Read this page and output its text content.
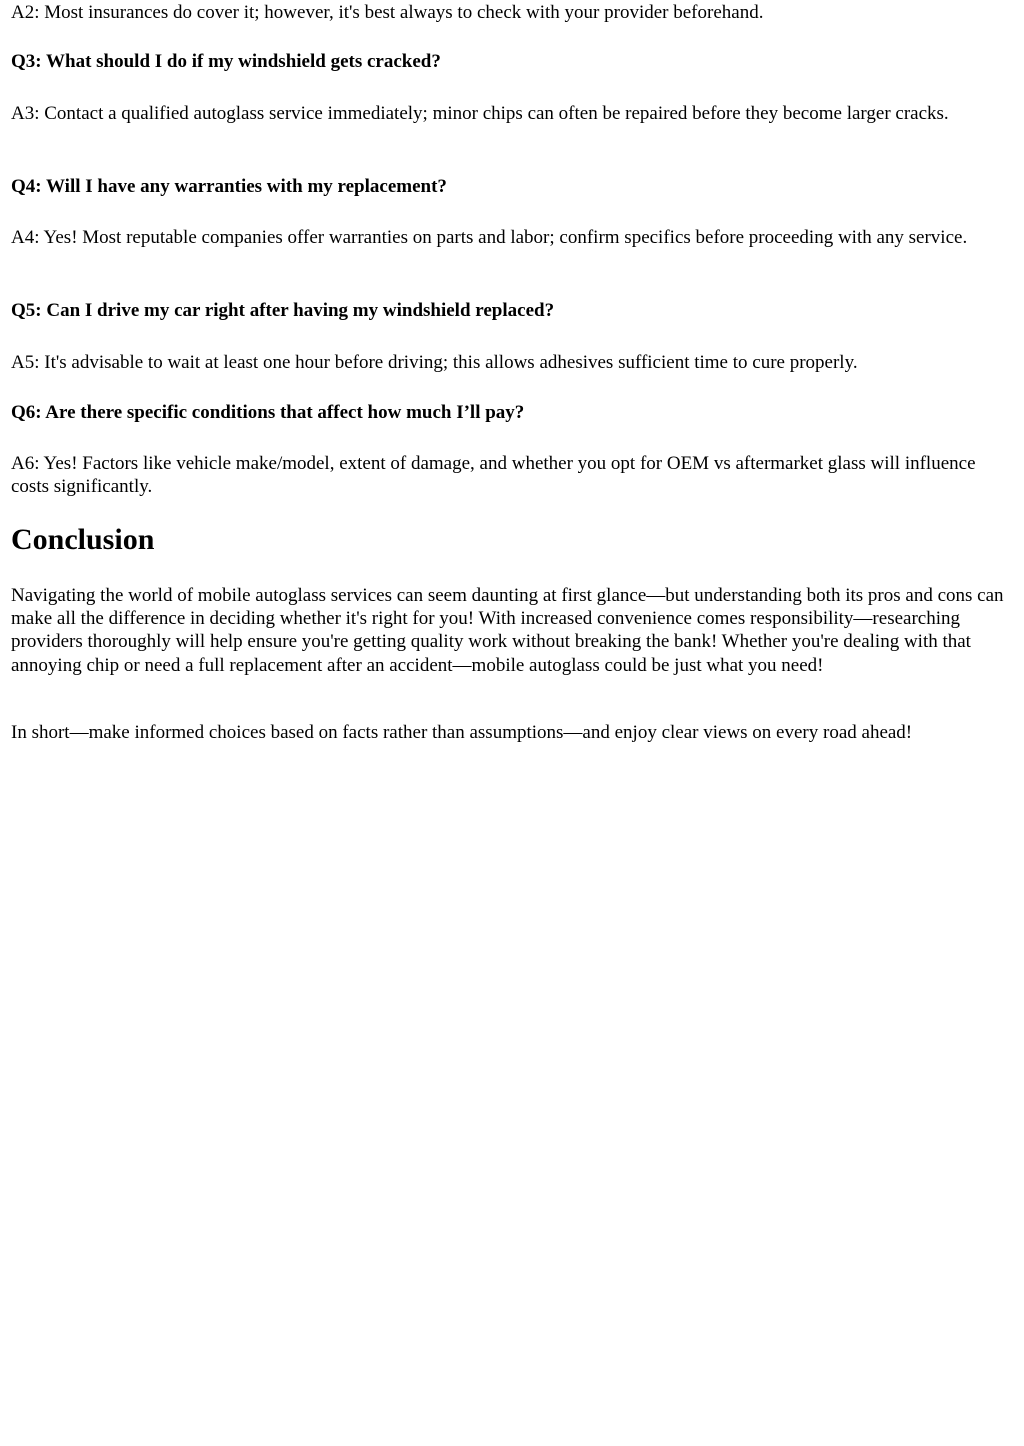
A2: Most insurances do cover it; however, it's best always to check with your provider beforehand.

Q3: What should I do if my windshield gets cracked?

A3: Contact a qualified autoglass service immediately; minor chips can often be repaired before they become larger cracks.

Q4: Will I have any warranties with my replacement?

A4: Yes! Most reputable companies offer warranties on parts and labor; confirm specifics before proceeding with any service.

Q5: Can I drive my car right after having my windshield replaced?

A5: It's advisable to wait at least one hour before driving; this allows adhesives sufficient time to cure properly.

Q6: Are there specific conditions that affect how much I’ll pay?

A6: Yes! Factors like vehicle make/model, extent of damage, and whether you opt for OEM vs aftermarket glass will influence costs significantly.

Conclusion

Navigating the world of mobile autoglass services can seem daunting at first glance—but understanding both its pros and cons can make all the difference in deciding whether it's right for you! With increased convenience comes responsibility—researching providers thoroughly will help ensure you're getting quality work without breaking the bank! Whether you're dealing with that annoying chip or need a full replacement after an accident—mobile autoglass could be just what you need!

In short—make informed choices based on facts rather than assumptions—and enjoy clear views on every road ahead!
